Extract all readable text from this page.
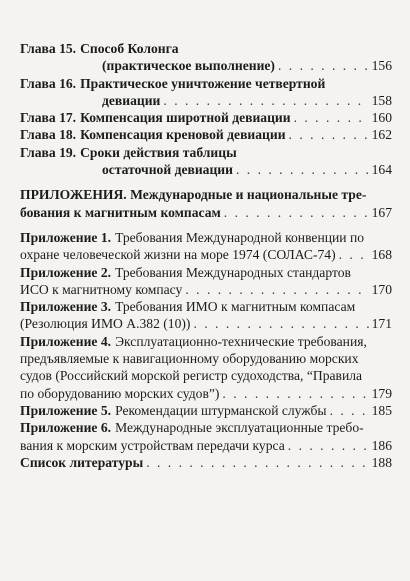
Глава 15. Способ Колонга
(практическое выполнение) . . .	156
Глава 16. Практическое уничтожение четвертной
девиации . . .	158
Глава 17. Компенсация широтной девиации . . .	160
Глава 18. Компенсация креновой девиации . . .	162
Глава 19. Сроки действия таблицы
остаточной девиации . . .	164
ПРИЛОЖЕНИЯ. Международные и национальные тре-
бования к магнитным компасам . . .	167
Приложение 1. Требования Международной конвенции по
охране человеческой жизни на море 1974 (СОЛАС-74) . . .	168
Приложение 2. Требования Международных стандартов
ИСО к магнитному компасу . . .	170
Приложение 3. Требования ИМО к магнитным компасам
(Резолюция ИМО А.382 (10)) . . .	171
Приложение 4. Эксплуатационно-технические требования,
предъявляемые к навигационному оборудованию морских
судов (Российский морской регистр судоходства, “Правила
по оборудованию морских судов”) . . .	179
Приложение 5. Рекомендации штурманской службы . . .	185
Приложение 6. Международные эксплуатационные требо-
вания к морским устройствам передачи курса . . .	186
Список литературы . . .	188
